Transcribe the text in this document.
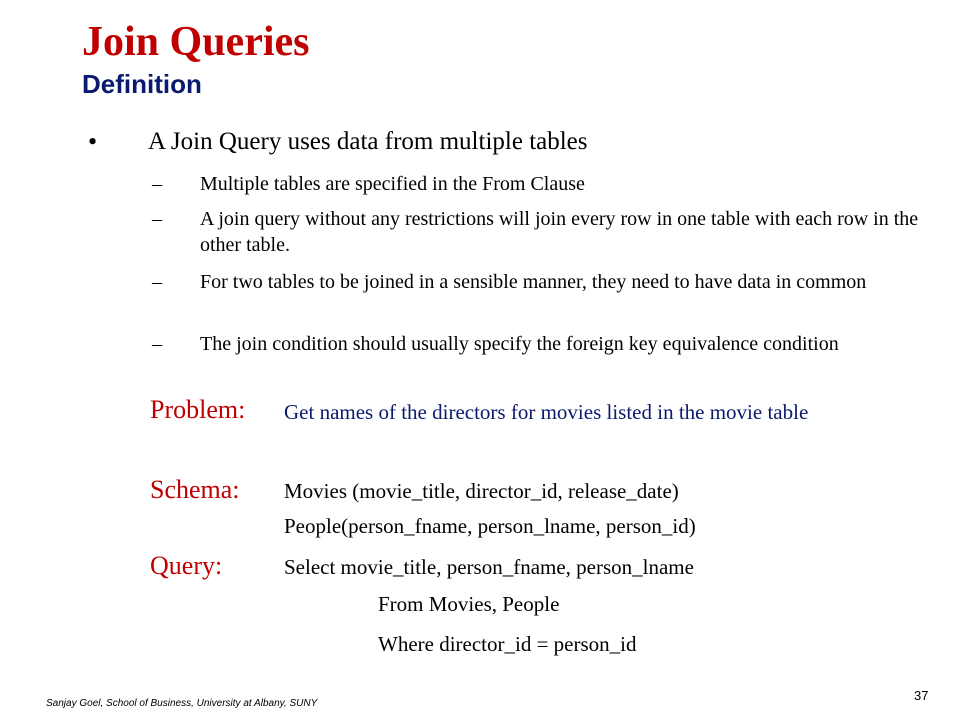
Join Queries
Definition
• A Join Query uses data from multiple tables
– Multiple tables are specified in the From Clause
– A join query without any restrictions will join every row in one table with each row in the other table.
– For two tables to be joined in a sensible manner, they need to have data in common
– The join condition should usually specify the foreign key equivalence condition
Problem:	Get names of the directors for movies listed in the movie table
Schema: Movies (movie_title, director_id, release_date)
People(person_fname, person_lname, person_id)
Query:	Select movie_title, person_fname, person_lname
From Movies, People
Where director_id = person_id
Sanjay Goel, School of Business, University at Albany, SUNY
37
